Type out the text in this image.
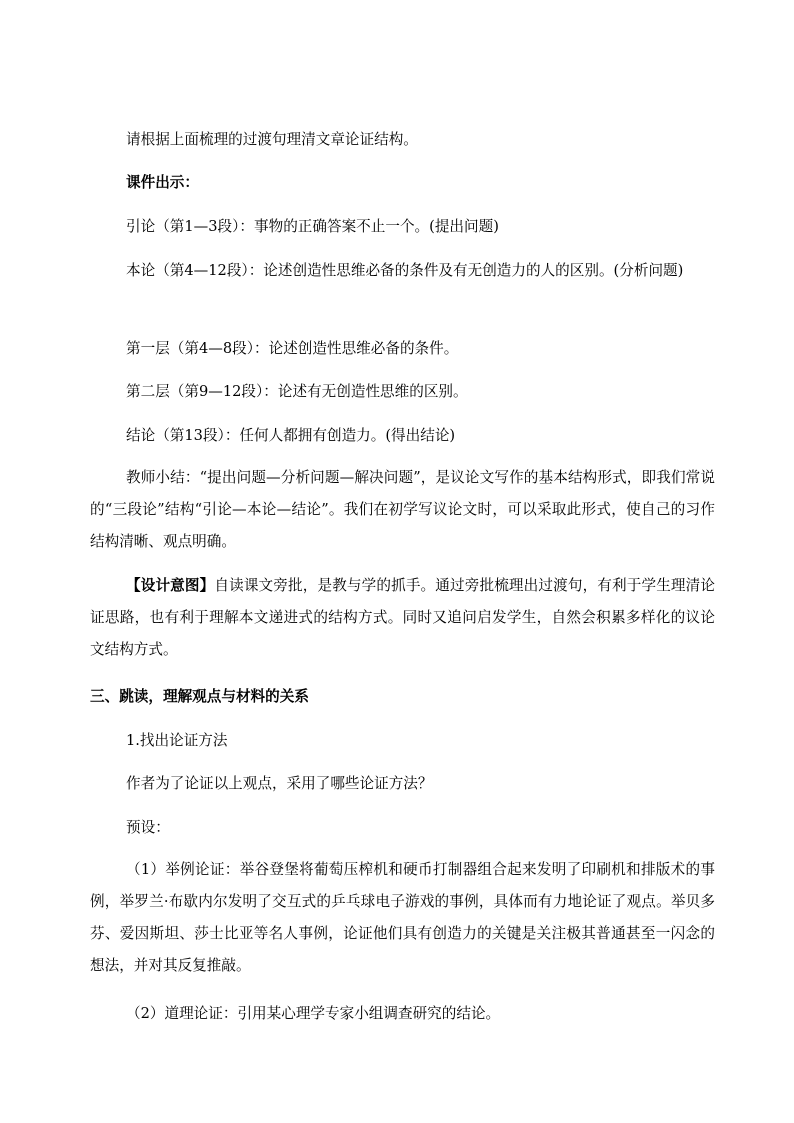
请根据上面梳理的过渡句理清文章论证结构。
课件出示：
引论（第1—3段）：事物的正确答案不止一个。(提出问题)
本论（第4—12段）：论述创造性思维必备的条件及有无创造力的人的区别。(分析问题)
第一层（第4—8段）：论述创造性思维必备的条件。
第二层（第9—12段）：论述有无创造性思维的区别。
结论（第13段）：任何人都拥有创造力。(得出结论)
教师小结：“提出问题—分析问题—解决问题”，是议论文写作的基本结构形式，即我们常说的“三段论”结构“引论—本论—结论”。我们在初学写议论文时，可以采取此形式，使自己的习作结构清晰、观点明确。
【设计意图】自读课文旁批，是教与学的抓手。通过旁批梳理出过渡句，有利于学生理清论证思路，也有利于理解本文递进式的结构方式。同时又追问启发学生，自然会积累多样化的议论文结构方式。
三、跳读，理解观点与材料的关系
1.找出论证方法
作者为了论证以上观点，采用了哪些论证方法？
预设：
（1）举例论证：举谷登堡将葡萄压榨机和硬币打制器组合起来发明了印刷机和排版术的事例，举罗兰·布歇内尔发明了交互式的乒乓球电子游戏的事例，具体而有力地论证了观点。举贝多芬、爱因斯坦、莎士比亚等名人事例，论证他们具有创造力的关键是关注极其普通甚至一闪念的想法，并对其反复推敲。
（2）道理论证：引用某心理学专家小组调查研究的结论。
